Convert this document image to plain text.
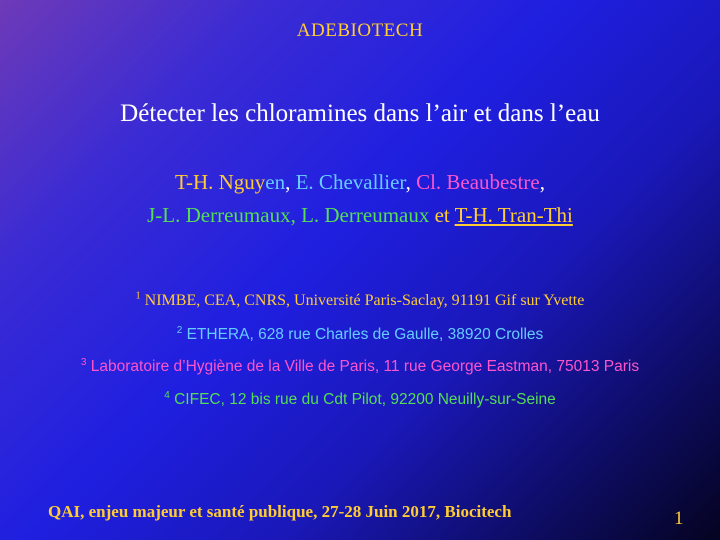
ADEBIOTECH
Détecter les chloramines dans l’air et dans l’eau
T-H. Nguyen, E. Chevallier, Cl. Beaubestre,
J-L. Derreumaux, L. Derreumaux et T-H. Tran-Thi
$^1$ NIMBE, CEA, CNRS, Université Paris-Saclay, 91191 Gif sur Yvette
$^2$ ETHERA, 628 rue Charles de Gaulle, 38920 Crolles
$^3$ Laboratoire d’Hygiène de la Ville de Paris, 11 rue George Eastman, 75013 Paris
$^4$ CIFEC, 12 bis rue du Cdt Pilot, 92200 Neuilly-sur-Seine
QAI, enjeu majeur et santé publique, 27-28 Juin 2017, Biocitech	1
